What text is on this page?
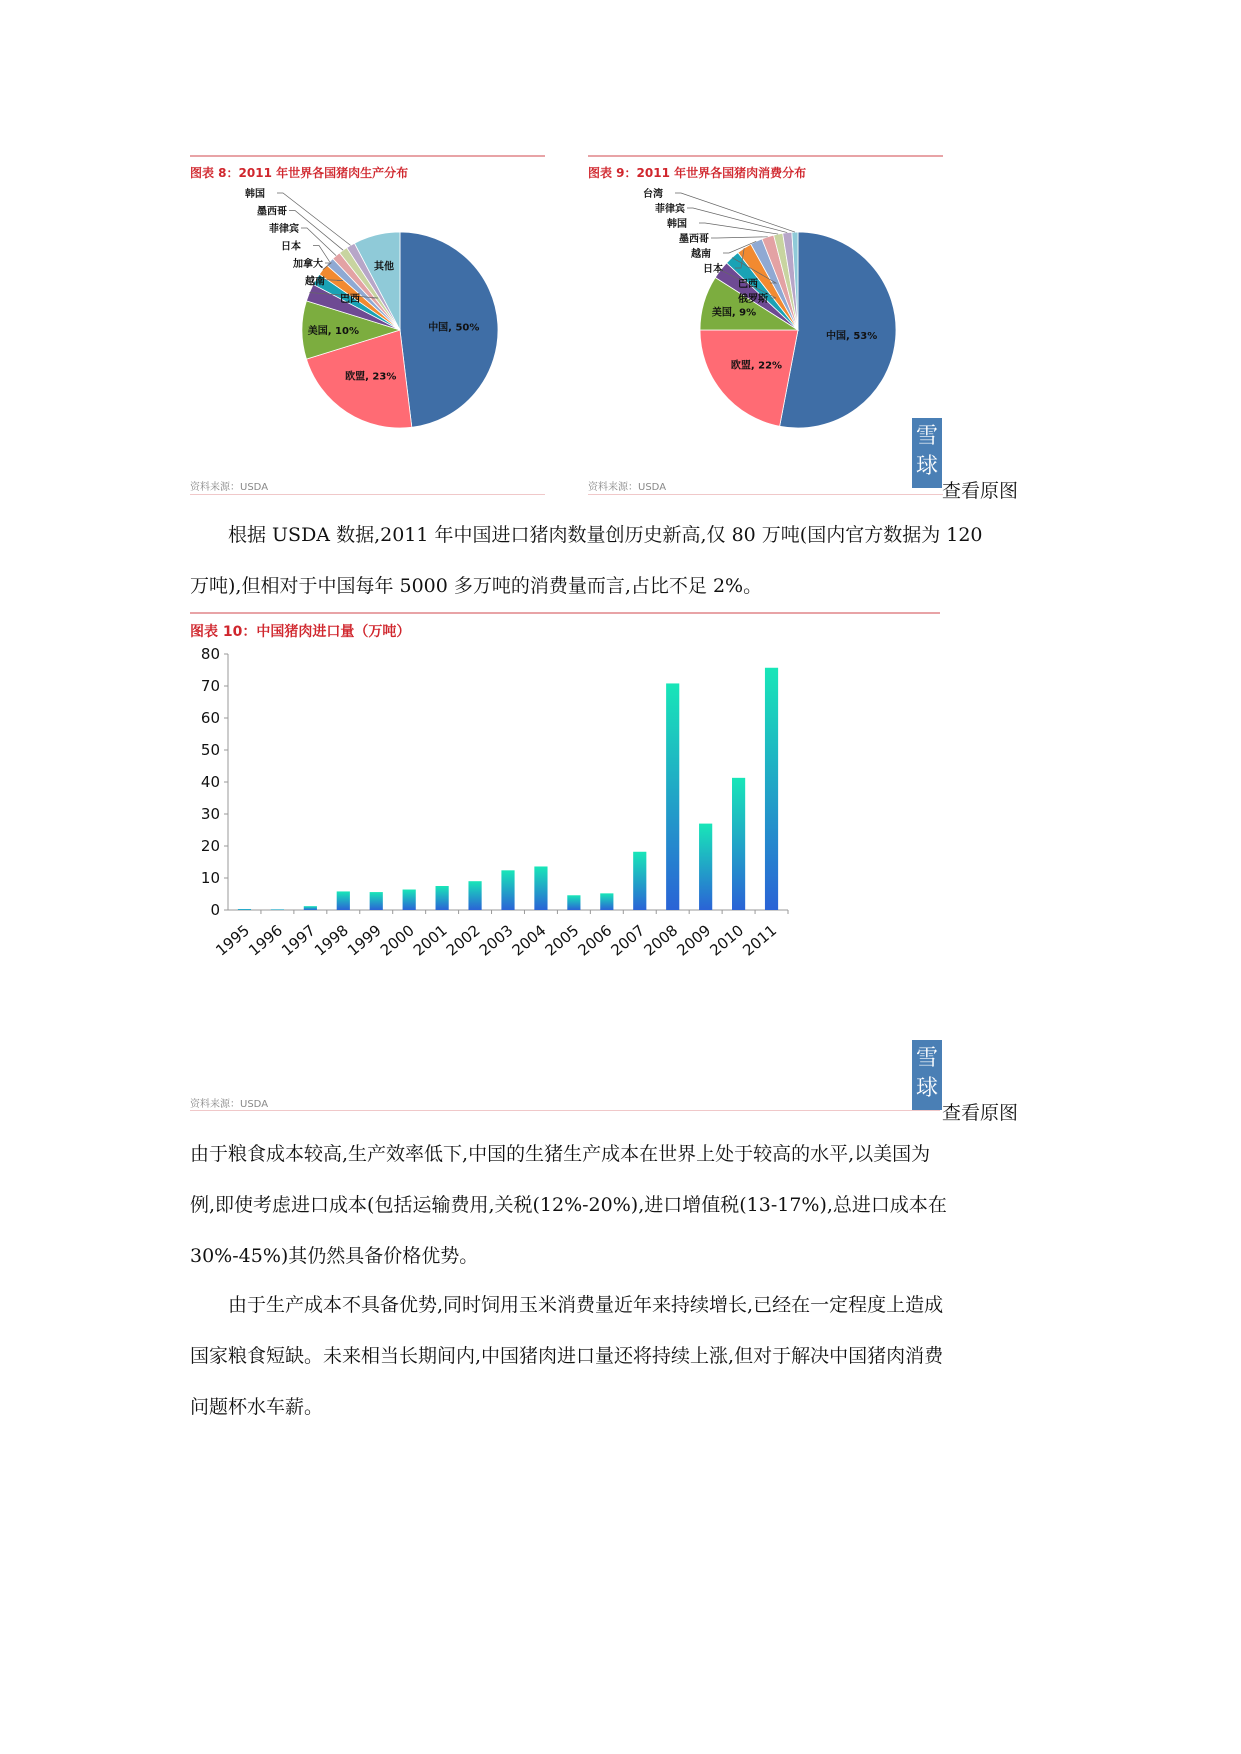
图表 8：2011 年世界各国猪肉生产分布
中国, 50%
欧盟, 23%
美国, 10%
其他
韩国
墨西哥
菲律宾
日本
加拿大
越南
巴西
资料来源：USDA
图表 9：2011 年世界各国猪肉消费分布
中国, 53%
欧盟, 22%
美国, 9%
台湾
菲律宾
韩国
墨西哥
越南
日本
巴西
俄罗斯
资料来源：USDA
雪球
查看原图

根据 USDA 数据,2011 年中国进口猪肉数量创历史新高,仅 80 万吨(国内官方数据为 120

万吨),但相对于中国每年 5000 多万吨的消费量而言,占比不足 2%。

图表 10：中国猪肉进口量（万吨）
0
10
20
30
40
50
60
70
80
1995
1996
1997
1998
1999
2000
2001
2002
2003
2004
2005
2006
2007
2008
2009
2010
2011
资料来源：USDA
雪球
查看原图

由于粮食成本较高,生产效率低下,中国的生猪生产成本在世界上处于较高的水平,以美国为

例,即使考虑进口成本(包括运输费用,关税(12%-20%),进口增值税(13-17%),总进口成本在

30%-45%)其仍然具备价格优势。

由于生产成本不具备优势,同时饲用玉米消费量近年来持续增长,已经在一定程度上造成

国家粮食短缺。未来相当长期间内,中国猪肉进口量还将持续上涨,但对于解决中国猪肉消费

问题杯水车薪。
